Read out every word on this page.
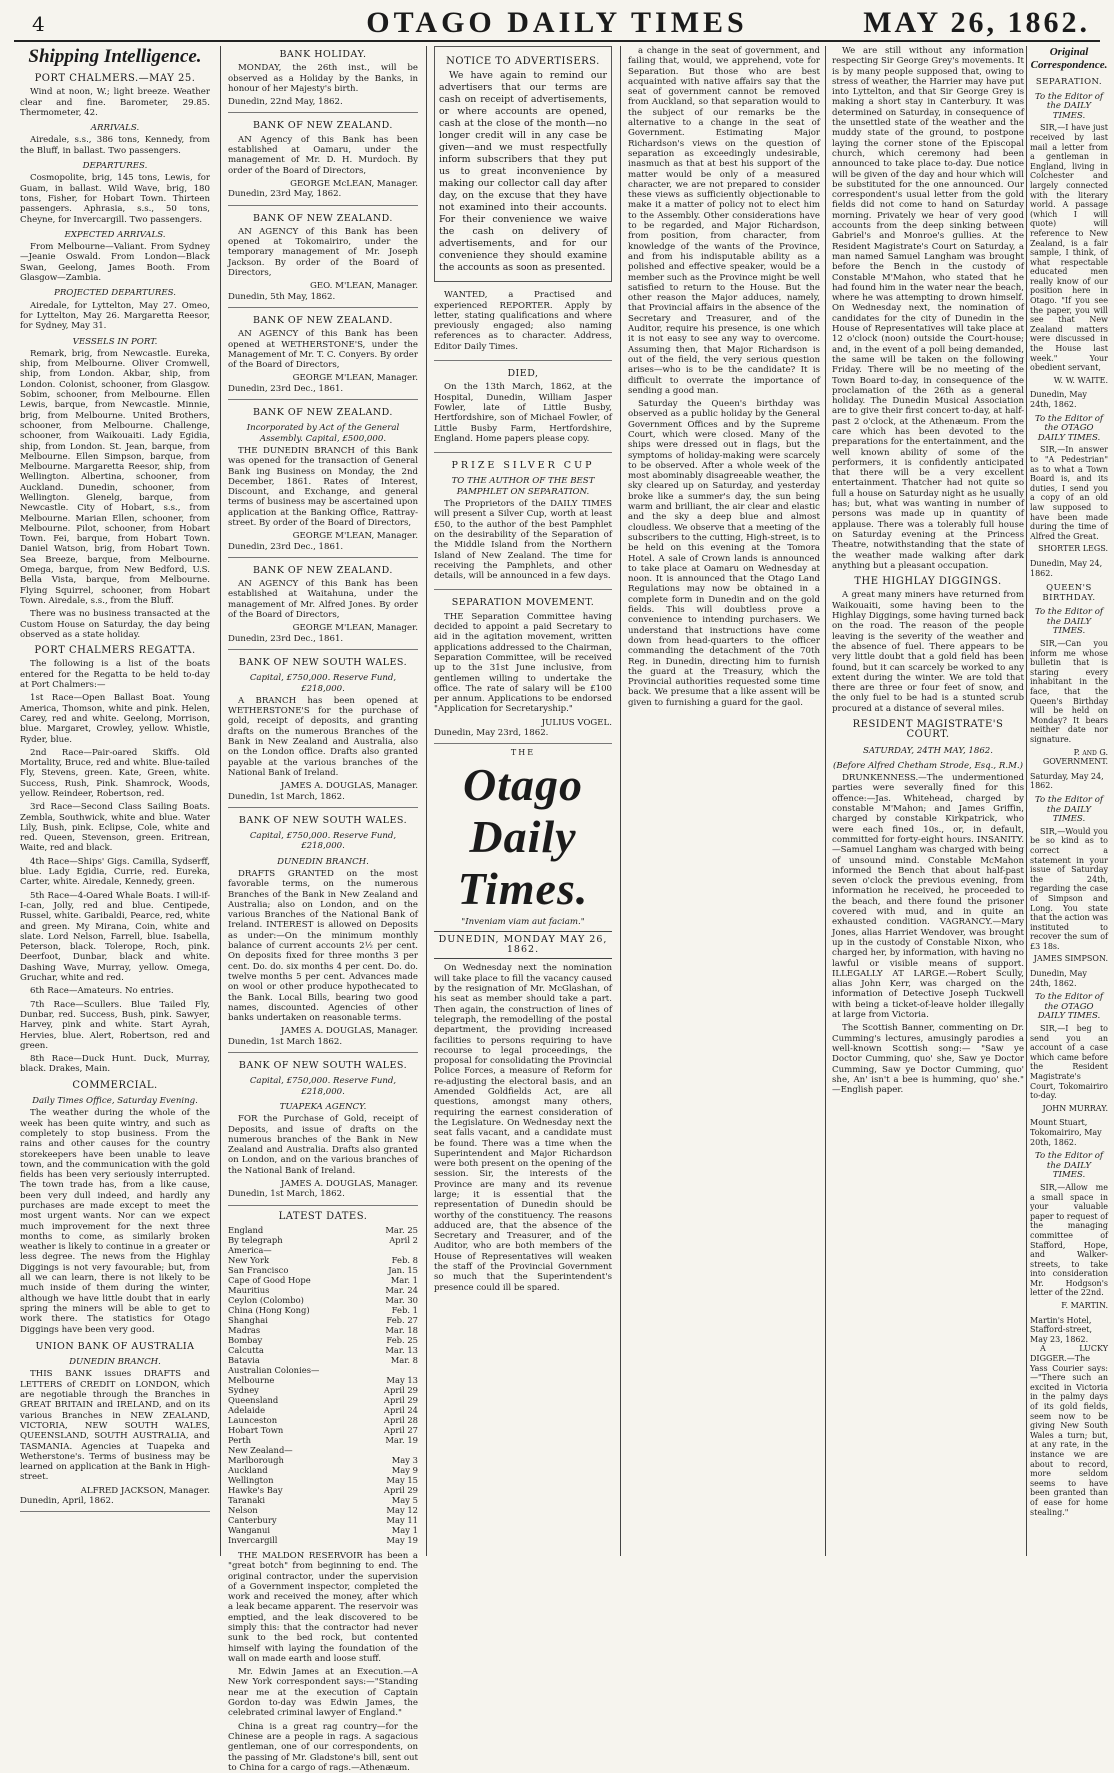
4	OTAGO DAILY TIMES	MAY 26, 1862.
Shipping Intelligence.
PORT CHALMERS.—MAY 25.

Wind at noon, W.; light breeze. Weather clear and fine. Barometer, 29.85. Thermometer, 42.

ARRIVALS.

Airedale, s.s., 386 tons, Kennedy, from the Bluff, in ballast. Two passengers.

DEPARTURES.

Cosmopolite, brig, 145 tons, Lewis, for Guam, in ballast. Wild Wave, brig, 180 tons, Fisher, for Hobart Town. Thirteen passengers. Aphrasia, s.s., 50 tons, Cheyne, for Invercargill. Two passengers.

EXPECTED ARRIVALS.

From Melbourne—Valiant. From Sydney—Jeanie Oswald. From London—Black Swan, Geelong, James Booth. From Glasgow—Zambia.

PROJECTED DEPARTURES.

Airedale, for Lyttelton, May 27. Omeo, for Lyttelton, May 26. Margaretta Reesor, for Sydney, May 31.

VESSELS IN PORT.

Remark, brig, from Newcastle. Eureka, ship, from Melbourne. Oliver Cromwell, ship, from London. Akbar, ship, from London. Colonist, schooner, from Glasgow. Sobim, schooner, from Melbourne. Ellen Lewis, barque, from Newcastle. Minnie, brig, from Melbourne. United Brothers, schooner, from Melbourne. Challenge, schooner, from Waikouaiti. Lady Egidia, ship, from London. St. Jean, barque, from Melbourne. Ellen Simpson, barque, from Melbourne. Margaretta Reesor, ship, from Wellington. Albertina, schooner, from Auckland. Dunedin, schooner, from Wellington. Glenelg, barque, from Newcastle. City of Hobart, s.s., from Melbourne. Marian Ellen, schooner, from Melbourne. Pilot, schooner, from Hobart Town. Fei, barque, from Hobart Town. Daniel Watson, brig, from Hobart Town. Sea Breeze, barque, from Melbourne. Omega, barque, from New Bedford, U.S. Bella Vista, barque, from Melbourne. Flying Squirrel, schooner, from Hobart Town. Airedale, s.s., from the Bluff.

There was no business transacted at the Custom House on Saturday, the day being observed as a state holiday.

PORT CHALMERS REGATTA.

The following is a list of the boats entered for the Regatta to be held to-day at Port Chalmers:—

1st Race—Open Ballast Boat. Young America, Thomson, white and pink. Helen, Carey, red and white. Geelong, Morrison, blue. Margaret, Crowley, yellow. Whistle, Ryder, blue.

2nd Race—Pair-oared Skiffs. Old Mortality, Bruce, red and white. Blue-tailed Fly, Stevens, green. Kate, Green, white. Success, Rush, Pink. Shamrock, Woods, yellow. Reindeer, Robertson, red.

3rd Race—Second Class Sailing Boats. Zembla, Southwick, white and blue. Water Lily, Bush, pink. Eclipse, Cole, white and red. Queen, Stevenson, green. Eritrean, Waite, red and black.

4th Race—Ships' Gigs. Camilla, Sydserff, blue. Lady Egidia, Currie, red. Eureka, Carter, white. Airedale, Kennedy, green.

5th Race—4-Oared Whale Boats. I will-if-I-can, Jolly, red and blue. Centipede, Russel, white. Garibaldi, Pearce, red, white and green. My Mirana, Coin, white and slate. Lord Nelson, Farrell, blue. Isabella, Peterson, black. Tolerope, Roch, pink. Deerfoot, Dunbar, black and white. Dashing Wave, Murray, yellow. Omega, Gruchar, white and red.

6th Race—Amateurs. No entries.

7th Race—Scullers. Blue Tailed Fly, Dunbar, red. Success, Bush, pink. Sawyer, Harvey, pink and white. Start Ayrah, Hervies, blue. Alert, Robertson, red and green.

8th Race—Duck Hunt. Duck, Murray, black. Drakes, Main.

COMMERCIAL.
Daily Times Office, Saturday Evening.

The weather during the whole of the week has been quite wintry, and such as completely to stop business. From the rains and other causes for the country storekeepers have been unable to leave town, and the communication with the gold fields has been very seriously interrupted. The town trade has, from a like cause, been very dull indeed, and hardly any purchases are made except to meet the most urgent wants. Nor can we expect much improvement for the next three months to come, as similarly broken weather is likely to continue in a greater or less degree. The news from the Highlay Diggings is not very favourable; but, from all we can learn, there is not likely to be much inside of them during the winter, although we have little doubt that in early spring the miners will be able to get to work there. The statistics for Otago Diggings have been very good.

UNION BANK OF AUSTRALIA
DUNEDIN BRANCH.

THIS BANK issues DRAFTS and LETTERS of CREDIT on LONDON, which are negotiable through the Branches in GREAT BRITAIN and IRELAND, and on its various Branches in NEW ZEALAND, VICTORIA, NEW SOUTH WALES, QUEENSLAND, SOUTH AUSTRALIA, and TASMANIA. Agencies at Tuapeka and Wetherstone's. Terms of business may be learned on application at the Bank in High-street.

ALFRED JACKSON, Manager.
Dunedin, April, 1862.
BANK HOLIDAY.

MONDAY, the 26th inst., will be observed as a Holiday by the Banks, in honour of her Majesty's birth.

Dunedin, 22nd May, 1862.
BANK OF NEW ZEALAND.

AN Agency of this Bank has been established at Oamaru, under the management of Mr. D. H. Murdoch. By order of the Board of Directors,

GEORGE McLEAN, Manager.
Dunedin, 23rd May, 1862.
BANK OF NEW ZEALAND.

AN AGENCY of this Bank has been opened at Tokomairiro, under the temporary management of Mr. Joseph Jackson. By order of the Board of Directors,

GEO. M'LEAN, Manager.
Dunedin, 5th May, 1862.
BANK OF NEW ZEALAND.

AN AGENCY of this Bank has been opened at WETHERSTONE'S, under the Management of Mr. T. C. Conyers. By order of the Board of Directors,

GEORGE M'LEAN, Manager.
Dunedin, 23rd Dec., 1861.
BANK OF NEW ZEALAND.
Incorporated by Act of the General Assembly. Capital, £500,000.

THE DUNEDIN BRANCH of this Bank was opened for the transaction of General Bank ing Business on Monday, the 2nd December, 1861. Rates of Interest, Discount, and Exchange, and general terms of business may be ascertained upon application at the Banking Office, Rattray-street. By order of the Board of Directors,

GEORGE M'LEAN, Manager.
Dunedin, 23rd Dec., 1861.
BANK OF NEW ZEALAND.

AN AGENCY of this Bank has been established at Waitahuna, under the management of Mr. Alfred Jones. By order of the Board of Directors,

GEORGE M'LEAN, Manager.
Dunedin, 23rd Dec., 1861.
BANK OF NEW SOUTH WALES.
Capital, £750,000. Reserve Fund, £218,000.

A BRANCH has been opened at WETHERSTONE'S for the purchase of gold, receipt of deposits, and granting drafts on the numerous Branches of the Bank in New Zealand and Australia, also on the London office. Drafts also granted payable at the various branches of the National Bank of Ireland.

JAMES A. DOUGLAS, Manager.
Dunedin, 1st March, 1862.
BANK OF NEW SOUTH WALES.
Capital, £750,000. Reserve Fund, £218,000.
DUNEDIN BRANCH.

DRAFTS GRANTED on the most favorable terms, on the numerous Branches of the Bank in New Zealand and Australia; also on London, and on the various Branches of the National Bank of Ireland. INTEREST is allowed on Deposits as under:—On the minimum monthly balance of current accounts 2½ per cent. On deposits fixed for three months 3 per cent. Do. do. six months 4 per cent. Do. do. twelve months 5 per cent. Advances made on wool or other produce hypothecated to the Bank. Local Bills, bearing two good names, discounted. Agencies of other banks undertaken on reasonable terms.

JAMES A. DOUGLAS, Manager.
Dunedin, 1st March 1862.
BANK OF NEW SOUTH WALES.
Capital, £750,000. Reserve Fund, £218,000.
TUAPEKA AGENCY.

FOR the Purchase of Gold, receipt of Deposits, and issue of drafts on the numerous branches of the Bank in New Zealand and Australia. Drafts also granted on London, and on the various branches of the National Bank of Ireland.

JAMES A. DOUGLAS, Manager.
Dunedin, 1st March, 1862.
LATEST DATES.
England	Mar. 25
By telegraph	April 2
America—	
New York	Feb. 8
San Francisco	Jan. 15
Cape of Good Hope	Mar. 1
Mauritius	Mar. 24
Ceylon (Colombo)	Mar. 30
China (Hong Kong)	Feb. 1
Shanghai	Feb. 27
Madras	Mar. 18
Bombay	Feb. 25
Calcutta	Mar. 13
Batavia	Mar. 8
Australian Colonies—	
Melbourne	May 13
Sydney	April 29
Queensland	April 29
Adelaide	April 24
Launceston	April 28
Hobart Town	April 27
Perth	Mar. 19
New Zealand—	
Marlborough	May 3
Auckland	May 9
Wellington	May 15
Hawke's Bay	April 29
Taranaki	May 5
Nelson	May 12
Canterbury	May 11
Wanganui	May 1
Invercargill	May 19

THE MALDON RESERVOIR has been a "great botch" from beginning to end. The original contractor, under the supervision of a Government inspector, completed the work and received the money, after which a leak became apparent. The reservoir was emptied, and the leak discovered to be simply this: that the contractor had never sunk to the bed rock, but contented himself with laying the foundation of the wall on made earth and loose stuff.

Mr. Edwin James at an Execution.—A New York correspondent says:—"Standing near me at the execution of Captain Gordon to-day was Edwin James, the celebrated criminal lawyer of England."

China is a great rag country—for the Chinese are a people in rags. A sagacious gentleman, one of our correspondents, on the passing of Mr. Gladstone's bill, sent out to China for a cargo of rags.—Athenæum.

NOTICE TO ADVERTISERS.

We have again to remind our advertisers that our terms are cash on receipt of advertisements, or where accounts are opened, cash at the close of the month—no longer credit will in any case be given—and we must respectfully inform subscribers that they put us to great inconvenience by making our collector call day after day, on the excuse that they have not examined into their accounts. For their convenience we waive the cash on delivery of advertisements, and for our convenience they should examine the accounts as soon as presented.

WANTED, a Practised and experienced REPORTER. Apply by letter, stating qualifications and where previously engaged; also naming references as to character. Address, Editor Daily Times.

DIED,

On the 13th March, 1862, at the Hospital, Dunedin, William Jasper Fowler, late of Little Busby, Hertfordshire, son of Michael Fowler, of Little Busby Farm, Hertfordshire, England. Home papers please copy.

PRIZE SILVER CUP
TO THE AUTHOR OF THE BEST PAMPHLET ON SEPARATION.

The Proprietors of the DAILY TIMES will present a Silver Cup, worth at least £50, to the author of the best Pamphlet on the desirability of the Separation of the Middle Island from the Northern Island of New Zealand. The time for receiving the Pamphlets, and other details, will be announced in a few days.

SEPARATION MOVEMENT.

THE Separation Committee having decided to appoint a paid Secretary to aid in the agitation movement, written applications addressed to the Chairman, Separation Committee, will be received up to the 31st June inclusive, from gentlemen willing to undertake the office. The rate of salary will be £100 per annum. Applications to be endorsed "Application for Secretaryship."

JULIUS VOGEL.
Dunedin, May 23rd, 1862.
THE
Otago Daily Times.
"Inveniam viam aut faciam."
DUNEDIN, MONDAY MAY 26, 1862.

On Wednesday next the nomination will take place to fill the vacancy caused by the resignation of Mr. McGlashan, of his seat as member should take a part. Then again, the construction of lines of telegraph, the remodelling of the postal department, the providing increased facilities to persons requiring to have recourse to legal proceedings, the proposal for consolidating the Provincial Police Forces, a measure of Reform for re-adjusting the electoral basis, and an Amended Goldfields Act, are all questions, amongst many others, requiring the earnest consideration of the Legislature. On Wednesday next the seat falls vacant, and a candidate must be found. There was a time when the Superintendent and Major Richardson were both present on the opening of the session. Sir, the interests of the Province are many and its revenue large; it is essential that the representation of Dunedin should be worthy of the constituency. The reasons adduced are, that the absence of the Secretary and Treasurer, and of the Auditor, who are both members of the House of Representatives will weaken the staff of the Provincial Government so much that the Superintendent's presence could ill be spared.

a change in the seat of government, and failing that, would, we apprehend, vote for Separation. But those who are best acquainted with native affairs say that the seat of government cannot be removed from Auckland, so that separation would to the subject of our remarks be the alternative to a change in the seat of Government. Estimating Major Richardson's views on the question of separation as exceedingly undesirable, inasmuch as that at best his support of the matter would be only of a measured character, we are not prepared to consider these views as sufficiently objectionable to make it a matter of policy not to elect him to the Assembly. Other considerations have to be regarded, and Major Richardson, from position, from character, from knowledge of the wants of the Province, and from his indisputable ability as a polished and effective speaker, would be a member such as the Province might be well satisfied to return to the House. But the other reason the Major adduces, namely, that Provincial affairs in the absence of the Secretary and Treasurer, and of the Auditor, require his presence, is one which it is not easy to see any way to overcome. Assuming then, that Major Richardson is out of the field, the very serious question arises—who is to be the candidate? It is difficult to overrate the importance of sending a good man.

Saturday the Queen's birthday was observed as a public holiday by the General Government Offices and by the Supreme Court, which were closed. Many of the ships were dressed out in flags, but the symptoms of holiday-making were scarcely to be observed. After a whole week of the most abominably disagreeable weather, the sky cleared up on Saturday, and yesterday broke like a summer's day, the sun being warm and brilliant, the air clear and elastic and the sky a deep blue and almost cloudless. We observe that a meeting of the subscribers to the cutting, High-street, is to be held on this evening at the Tomora Hotel. A sale of Crown lands is announced to take place at Oamaru on Wednesday at noon. It is announced that the Otago Land Regulations may now be obtained in a complete form in Dunedin and on the gold fields. This will doubtless prove a convenience to intending purchasers. We understand that instructions have come down from head-quarters to the officer commanding the detachment of the 70th Reg. in Dunedin, directing him to furnish the guard at the Treasury, which the Provincial authorities requested some time back. We presume that a like assent will be given to furnishing a guard for the gaol.

We are still without any information respecting Sir George Grey's movements. It is by many people supposed that, owing to stress of weather, the Harrier may have put into Lyttelton, and that Sir George Grey is making a short stay in Canterbury. It was determined on Saturday, in consequence of the unsettled state of the weather and the muddy state of the ground, to postpone laying the corner stone of the Episcopal church, which ceremony had been announced to take place to-day. Due notice will be given of the day and hour which will be substituted for the one announced. Our correspondent's usual letter from the gold fields did not come to hand on Saturday morning. Privately we hear of very good accounts from the deep sinking between Gabriel's and Monroe's gullies. At the Resident Magistrate's Court on Saturday, a man named Samuel Langham was brought before the Bench in the custody of Constable M'Mahon, who stated that he had found him in the water near the beach, where he was attempting to drown himself. On Wednesday next, the nomination of candidates for the city of Dunedin in the House of Representatives will take place at 12 o'clock (noon) outside the Court-house; and, in the event of a poll being demanded, the same will be taken on the following Friday. There will be no meeting of the Town Board to-day, in consequence of the proclamation of the 26th as a general holiday. The Dunedin Musical Association are to give their first concert to-day, at half-past 2 o'clock, at the Athenæum. From the care which has been devoted to the preparations for the entertainment, and the well known ability of some of the performers, it is confidently anticipated that there will be a very excellent entertainment. Thatcher had not quite so full a house on Saturday night as he usually has; but, what was wanting in number of persons was made up in quantity of applause. There was a tolerably full house on Saturday evening at the Princess Theatre, notwithstanding that the state of the weather made walking after dark anything but a pleasant occupation.

THE HIGHLAY DIGGINGS.

A great many miners have returned from Waikouaiti, some having been to the Highlay Diggings, some having turned back on the road. The reason of the people leaving is the severity of the weather and the absence of fuel. There appears to be very little doubt that a gold field has been found, but it can scarcely be worked to any extent during the winter. We are told that there are three or four feet of snow, and the only fuel to be had is a stunted scrub procured at a distance of several miles.

RESIDENT MAGISTRATE'S COURT.
SATURDAY, 24TH MAY, 1862.
(Before Alfred Chetham Strode, Esq., R.M.)

DRUNKENNESS.—The undermentioned parties were severally fined for this offence:—Jas. Whitehead, charged by constable M'Mahon; and James Griffin, charged by constable Kirkpatrick, who were each fined 10s., or, in default, committed for forty-eight hours. INSANITY.—Samuel Langham was charged with being of unsound mind. Constable McMahon informed the Bench that about half-past seven o'clock the previous evening, from information he received, he proceeded to the beach, and there found the prisoner covered with mud, and in quite an exhausted condition. VAGRANCY.—Mary Jones, alias Harriet Wendover, was brought up in the custody of Constable Nixon, who charged her, by information, with having no lawful or visible means of support. ILLEGALLY AT LARGE.—Robert Scully, alias John Kerr, was charged on the information of Detective Joseph Tuckwell with being a ticket-of-leave holder illegally at large from Victoria.

The Scottish Banner, commenting on Dr. Cumming's lectures, amusingly parodies a well-known Scottish song:— "Saw ye Doctor Cumming, quo' she, Saw ye Doctor Cumming, Saw ye Doctor Cumming, quo' she, An' isn't a bee is humming, quo' she." —English paper.

Original Correspondence.
SEPARATION.
To the Editor of the DAILY TIMES.

SIR,—I have just received by last mail a letter from a gentleman in England, living in Colchester and largely connected with the literary world. A passage (which I will quote) will reference to New Zealand, is a fair sample, I think, of what respectable educated men really know of our position here in Otago. "If you see the paper, you will see that New Zealand matters were discussed in the House last week." Your obedient servant,

W. W. WAITE.
Dunedin, May 24th, 1862.
To the Editor of the OTAGO DAILY TIMES.

SIR,—In answer to "A Pedestrian" as to what a Town Board is, and its duties, I send you a copy of an old law supposed to have been made during the time of Alfred the Great.

SHORTER LEGS.
Dunedin, May 24, 1862.
QUEEN'S BIRTHDAY.
To the Editor of the DAILY TIMES.

SIR,—Can you inform me whose bulletin that is staring every inhabitant in the face, that the Queen's Birthday will be held on Monday? It bears neither date nor signature.

P. and G. GOVERNMENT.
Saturday, May 24, 1862.
To the Editor of the DAILY TIMES.

SIR,—Would you be so kind as to correct a statement in your issue of Saturday the 24th, regarding the case of Simpson and Long. You state that the action was instituted to recover the sum of £3 18s.

JAMES SIMPSON.
Dunedin, May 24th, 1862.
To the Editor of the OTAGO DAILY TIMES.

SIR,—I beg to send you an account of a case which came before the Resident Magistrate's Court, Tokomairiro to-day.

JOHN MURRAY.
Mount Stuart, Tokomairiro, May 20th, 1862.
To the Editor of the DAILY TIMES.

SIR,—Allow me a small space in your valuable paper to request of the managing committee of Stafford, Hope, and Walker-streets, to take into consideration Mr. Hodgson's letter of the 22nd.

F. MARTIN.
Martin's Hotel, Stafford-street, May 23, 1862.

A LUCKY DIGGER.—The Yass Courier says:—"There such an excited in Victoria in the palmy days of its gold fields, seem now to be giving New South Wales a turn; but, at any rate, in the instance we are about to record, more seldom seems to have been granted than of ease for home stealing."
